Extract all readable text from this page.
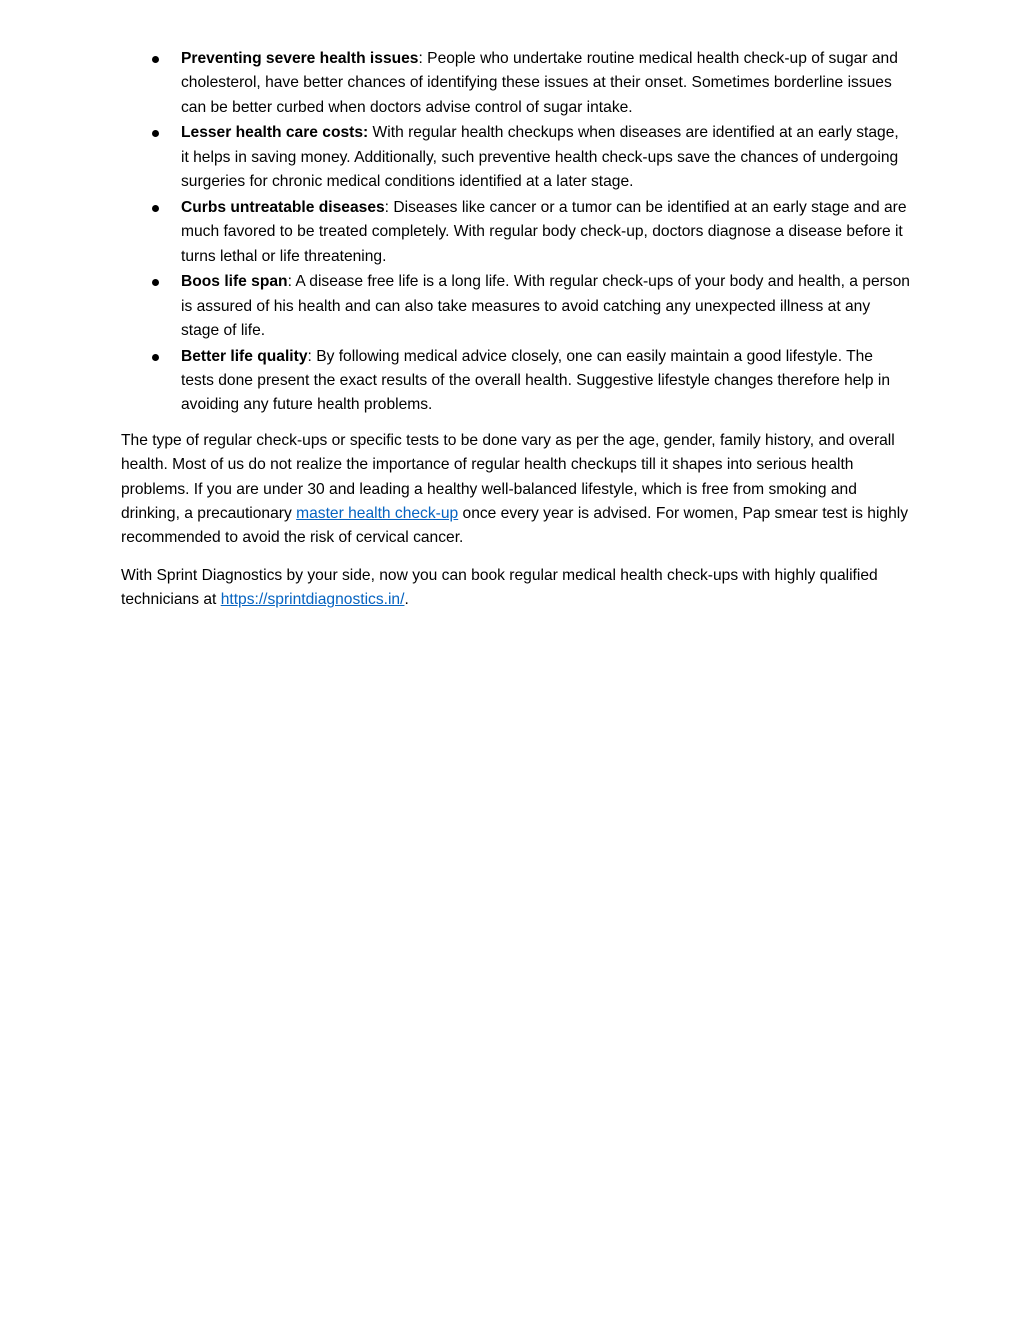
Preventing severe health issues: People who undertake routine medical health check-up of sugar and cholesterol, have better chances of identifying these issues at their onset. Sometimes borderline issues can be better curbed when doctors advise control of sugar intake.
Lesser health care costs: With regular health checkups when diseases are identified at an early stage, it helps in saving money. Additionally, such preventive health check-ups save the chances of undergoing surgeries for chronic medical conditions identified at a later stage.
Curbs untreatable diseases: Diseases like cancer or a tumor can be identified at an early stage and are much favored to be treated completely. With regular body check-up, doctors diagnose a disease before it turns lethal or life threatening.
Boos life span: A disease free life is a long life. With regular check-ups of your body and health, a person is assured of his health and can also take measures to avoid catching any unexpected illness at any stage of life.
Better life quality: By following medical advice closely, one can easily maintain a good lifestyle. The tests done present the exact results of the overall health. Suggestive lifestyle changes therefore help in avoiding any future health problems.

The type of regular check-ups or specific tests to be done vary as per the age, gender, family history, and overall health. Most of us do not realize the importance of regular health checkups till it shapes into serious health problems. If you are under 30 and leading a healthy well-balanced lifestyle, which is free from smoking and drinking, a precautionary master health check-up once every year is advised. For women, Pap smear test is highly recommended to avoid the risk of cervical cancer.

With Sprint Diagnostics by your side, now you can book regular medical health check-ups with highly qualified technicians at https://sprintdiagnostics.in/.
